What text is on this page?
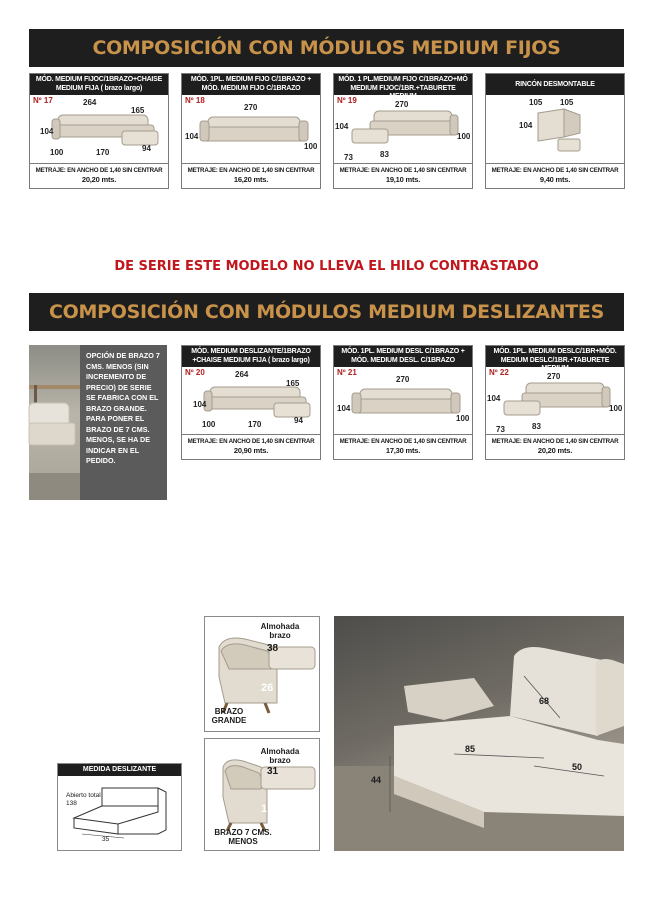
COMPOSICIÓN CON MÓDULOS MEDIUM FIJOS
MÓD. MEDIUM FIJOC/1BRAZO+CHAISE MEDIUM FIJA ( brazo largo)
Nº 17	264
165
104
100	170	94
METRAJE: EN ANCHO DE 1,40 SIN CENTRAR
20,20 mts.
MÓD. 1PL. MEDIUM FIJO C/1BRAZO + MÓD. MEDIUM FIJO C/1BRAZO
Nº 18
270
104
100
METRAJE: EN ANCHO DE 1,40 SIN CENTRAR
16,20 mts.
MÓD. 1 PL.MEDIUM FIJO C/1BRAZO+MÓ MEDIUM FIJOC/1BR.+TABURETE MEDIUM
Nº 19	270
104
100
73	83
METRAJE: EN ANCHO DE 1,40 SIN CENTRAR
19,10 mts.
RINCÓN DESMONTABLE
105 105
104
METRAJE: EN ANCHO DE 1,40 SIN CENTRAR
9,40 mts.
DE SERIE ESTE MODELO NO LLEVA EL HILO CONTRASTADO
COMPOSICIÓN CON MÓDULOS MEDIUM DESLIZANTES
OPCIÓN DE BRAZO 7 CMS. MENOS (SIN INCREMENTO DE PRECIO) DE SERIE SE FABRICA CON EL BRAZO GRANDE. PARA PONER EL BRAZO DE 7 CMS. MENOS, SE HA DE INDICAR EN EL PEDIDO.
MÓD. MEDIUM DESLIZANTE/1BRAZO +CHAISE MEDIUM FIJA ( brazo largo)
Nº 20	264
165
104
100	170	94
METRAJE: EN ANCHO DE 1,40 SIN CENTRAR
20,90 mts.
MÓD. 1PL. MEDIUM DESL C/1BRAZO + MÓD. MEDIUM DESL. C/1BRAZO
Nº 21
270
104
100
METRAJE: EN ANCHO DE 1,40 SIN CENTRAR
17,30 mts.
MÓD. 1PL. MEDIUM DESLC/1BR+MÓD. MEDIUM DESLC/1BR.+TABURETE MEDIUM
Nº 22	270
104
100
73	83
METRAJE: EN ANCHO DE 1,40 SIN CENTRAR
20,20 mts.
Almohada brazo
38
26
BRAZO GRANDE
Almohada brazo
31
19
BRAZO 7 CMS. MENOS
MEDIDA DESLIZANTE
Abierto total 138
35
68
85
50
44
